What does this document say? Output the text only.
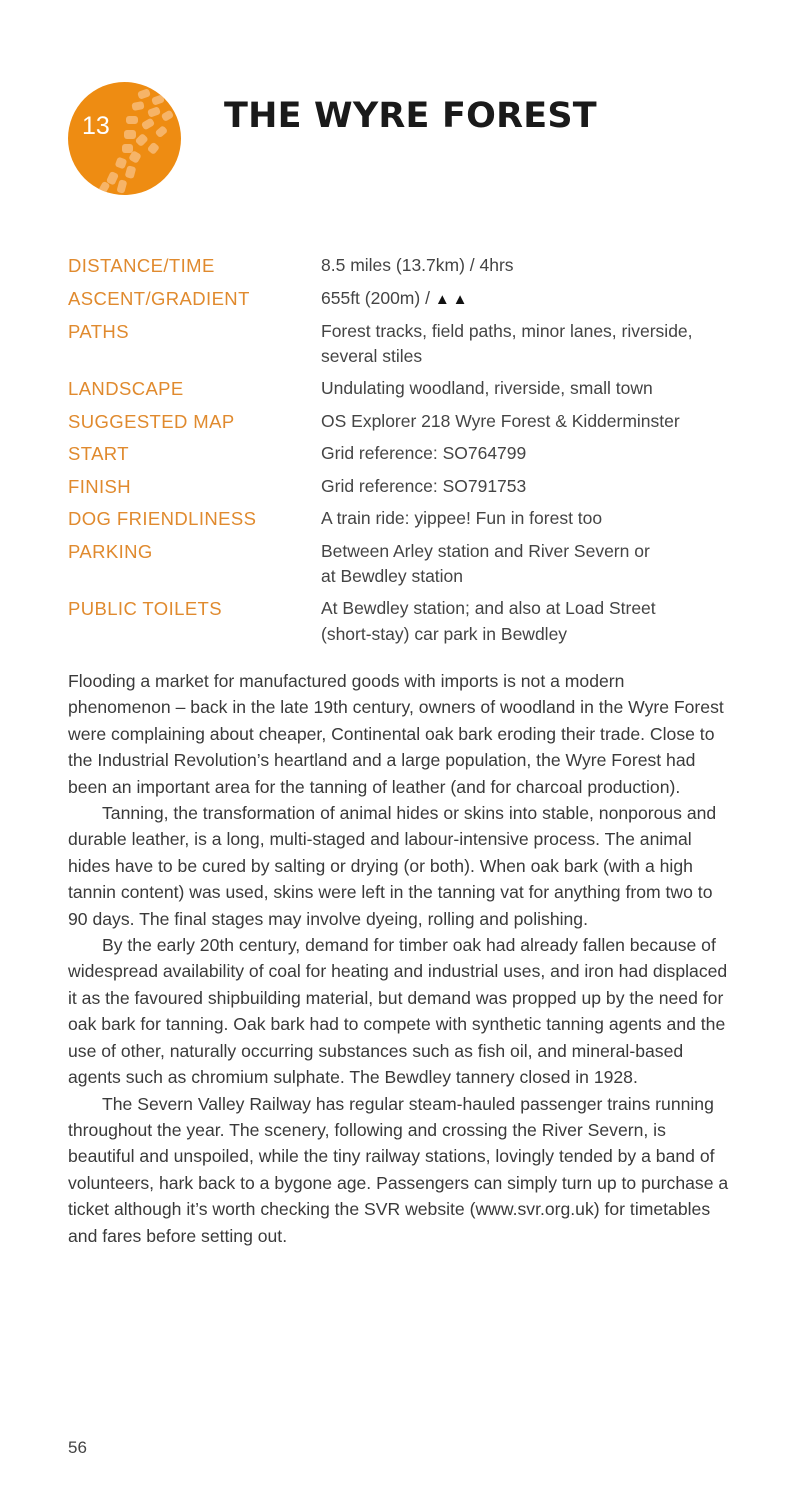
13	THE WYRE FOREST
DISTANCE/TIME	8.5 miles (13.7km) / 4hrs
ASCENT/GRADIENT	655ft (200m) / ▲▲
PATHS	Forest tracks, field paths, minor lanes, riverside, several stiles
LANDSCAPE	Undulating woodland, riverside, small town
SUGGESTED MAP	OS Explorer 218 Wyre Forest & Kidderminster
START	Grid reference: SO764799
FINISH	Grid reference: SO791753
DOG FRIENDLINESS	A train ride: yippee! Fun in forest too
PARKING	Between Arley station and River Severn or at Bewdley station
PUBLIC TOILETS	At Bewdley station; and also at Load Street (short-stay) car park in Bewdley

Flooding a market for manufactured goods with imports is not a modern phenomenon – back in the late 19th century, owners of woodland in the Wyre Forest were complaining about cheaper, Continental oak bark eroding their trade. Close to the Industrial Revolution’s heartland and a large population, the Wyre Forest had been an important area for the tanning of leather (and for charcoal production).

Tanning, the transformation of animal hides or skins into stable, nonporous and durable leather, is a long, multi-staged and labour-intensive process. The animal hides have to be cured by salting or drying (or both). When oak bark (with a high tannin content) was used, skins were left in the tanning vat for anything from two to 90 days. The final stages may involve dyeing, rolling and polishing.

By the early 20th century, demand for timber oak had already fallen because of widespread availability of coal for heating and industrial uses, and iron had displaced it as the favoured shipbuilding material, but demand was propped up by the need for oak bark for tanning. Oak bark had to compete with synthetic tanning agents and the use of other, naturally occurring substances such as fish oil, and mineral-based agents such as chromium sulphate. The Bewdley tannery closed in 1928.

The Severn Valley Railway has regular steam-hauled passenger trains running throughout the year. The scenery, following and crossing the River Severn, is beautiful and unspoiled, while the tiny railway stations, lovingly tended by a band of volunteers, hark back to a bygone age. Passengers can simply turn up to purchase a ticket although it’s worth checking the SVR website (www.svr.org.uk) for timetables and fares before setting out.

56
